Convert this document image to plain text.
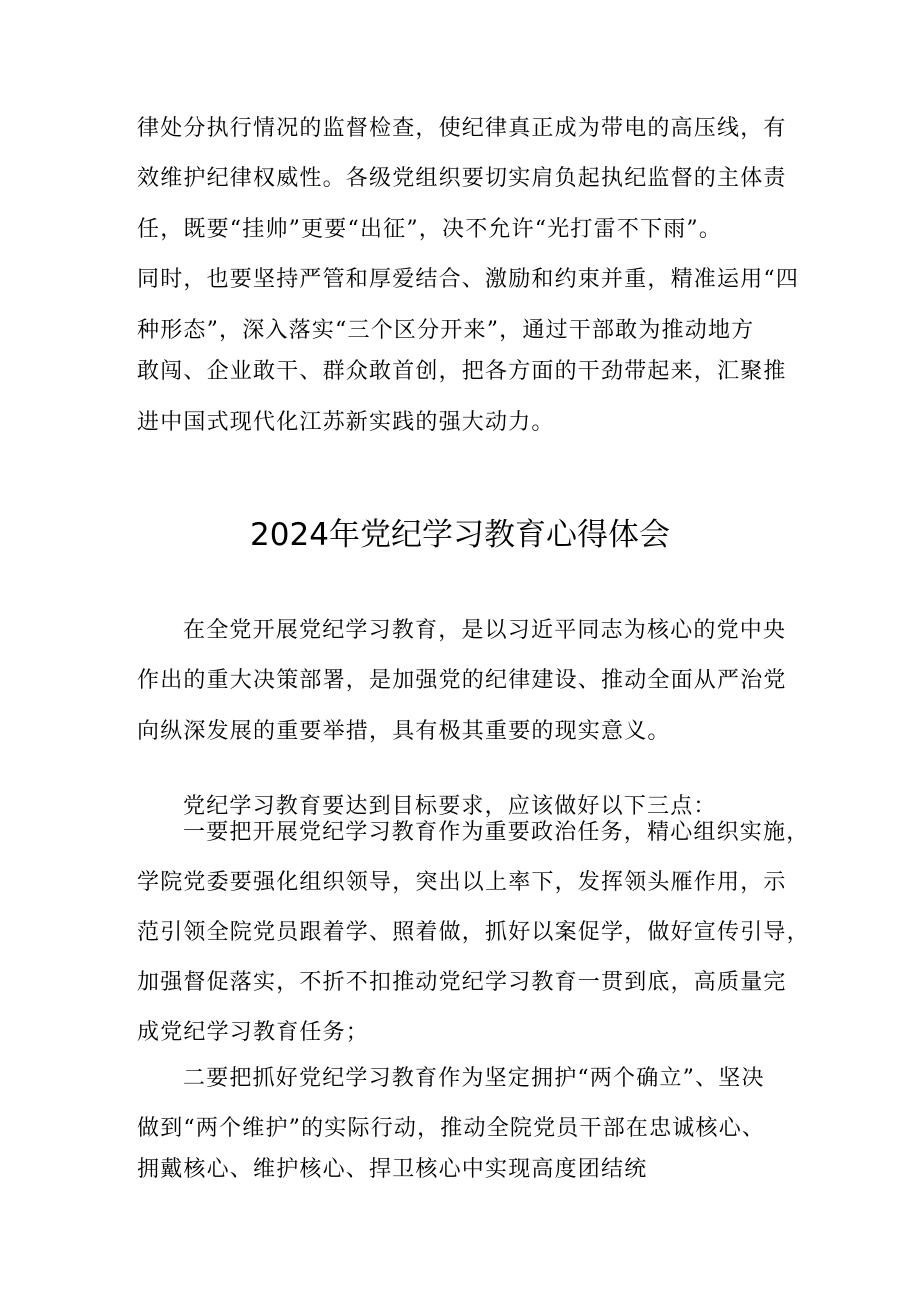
律处分执行情况的监督检查，使纪律真正成为带电的高压线，有
效维护纪律权威性。各级党组织要切实肩负起执纪监督的主体责
任，既要“挂帅”更要“出征”，决不允许“光打雷不下雨”。
同时，也要坚持严管和厚爱结合、激励和约束并重，精准运用“四
种形态”，深入落实“三个区分开来”，通过干部敢为推动地方
敢闯、企业敢干、群众敢首创，把各方面的干劲带起来，汇聚推
进中国式现代化江苏新实践的强大动力。
2024年党纪学习教育心得体会
在全党开展党纪学习教育，是以习近平同志为核心的党中央
作出的重大决策部署，是加强党的纪律建设、推动全面从严治党
向纵深发展的重要举措，具有极其重要的现实意义。
党纪学习教育要达到目标要求，应该做好以下三点：
一要把开展党纪学习教育作为重要政治任务，精心组织实施，
学院党委要强化组织领导，突出以上率下，发挥领头雁作用，示
范引领全院党员跟着学、照着做，抓好以案促学，做好宣传引导，
加强督促落实，不折不扣推动党纪学习教育一贯到底，高质量完
成党纪学习教育任务；
二要把抓好党纪学习教育作为坚定拥护“两个确立”、坚决
做到“两个维护”的实际行动，推动全院党员干部在忠诚核心、
拥戴核心、维护核心、捍卫核心中实现高度团结统
